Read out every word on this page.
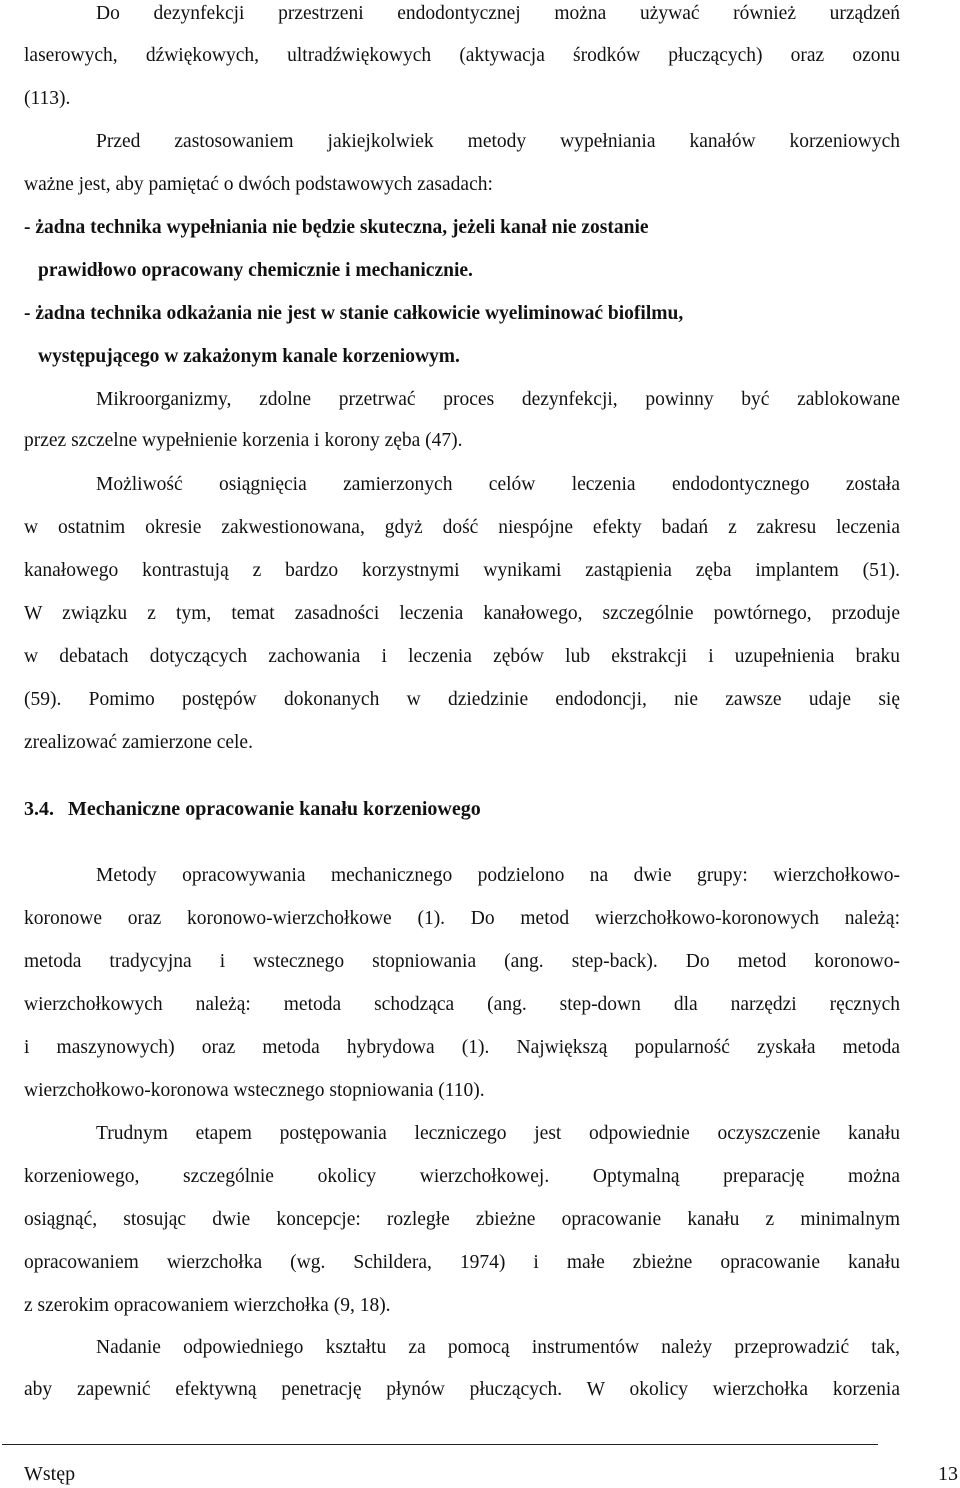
Do dezynfekcji przestrzeni endodontycznej można używać również urządzeń
laserowych, dźwiękowych, ultradźwiękowych (aktywacja środków płuczących) oraz ozonu
(113).
Przed zastosowaniem jakiejkolwiek metody wypełniania kanałów korzeniowych
ważne jest, aby pamiętać o dwóch podstawowych zasadach:
- żadna technika wypełniania nie będzie skuteczna, jeżeli kanał nie zostanie
prawidłowo opracowany chemicznie i mechanicznie.
- żadna technika odkażania nie jest w stanie całkowicie wyeliminować biofilmu,
występującego w zakażonym kanale korzeniowym.
Mikroorganizmy, zdolne przetrwać proces dezynfekcji, powinny być zablokowane
przez szczelne wypełnienie korzenia i korony zęba (47).
Możliwość osiągnięcia zamierzonych celów leczenia endodontycznego została
w ostatnim okresie zakwestionowana, gdyż dość niespójne efekty badań z zakresu leczenia
kanałowego kontrastują z bardzo korzystnymi wynikami zastąpienia zęba implantem (51).
W związku z tym, temat zasadności leczenia kanałowego, szczególnie powtórnego, przoduje
w debatach dotyczących zachowania i leczenia zębów lub ekstrakcji i uzupełnienia braku
(59). Pomimo postępów dokonanych w dziedzinie endodoncji, nie zawsze udaje się
zrealizować zamierzone cele.
3.4. Mechaniczne opracowanie kanału korzeniowego
Metody opracowywania mechanicznego podzielono na dwie grupy: wierzchołkowo-
koronowe oraz koronowo-wierzchołkowe (1). Do metod wierzchołkowo-koronowych należą:
metoda tradycyjna i wstecznego stopniowania (ang. step-back). Do metod koronowo-
wierzchołkowych należą: metoda schodząca (ang. step-down dla narzędzi ręcznych
i maszynowych) oraz metoda hybrydowa (1). Największą popularność zyskała metoda
wierzchołkowo-koronowa wstecznego stopniowania (110).
Trudnym etapem postępowania leczniczego jest odpowiednie oczyszczenie kanału
korzeniowego, szczególnie okolicy wierzchołkowej. Optymalną preparację można
osiągnąć, stosując dwie koncepcje: rozległe zbieżne opracowanie kanału z minimalnym
opracowaniem wierzchołka (wg. Schildera, 1974) i małe zbieżne opracowanie kanału
z szerokim opracowaniem wierzchołka (9, 18).
Nadanie odpowiedniego kształtu za pomocą instrumentów należy przeprowadzić tak,
aby zapewnić efektywną penetrację płynów płuczących. W okolicy wierzchołka korzenia
Wstęp	13
